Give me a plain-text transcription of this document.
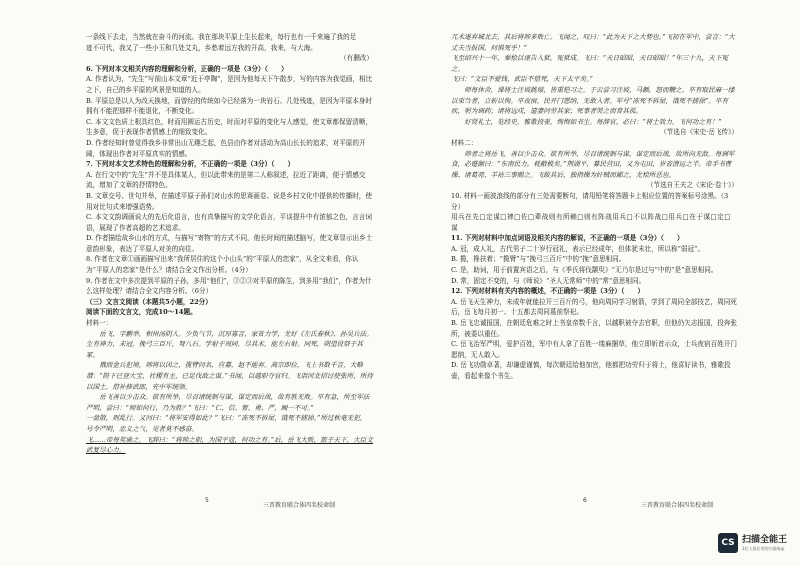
一条线下去走，当然就在奋斗的河流。我在那块平原上生长起来，每行也有一千来遍了我的足

迹不可代，我又了一些小玉和几处艾丸，乡愁着远方我的开高，我来，与大海。

（有删改）

6. 下列对本文相关内容的理解和分析，正确的一项是（3分）（　　）

A. 作者认为，“先生”写前山本文章“近于亭陶”，是因为他每天下午散步，写的内容为我觉画，相比之下，自己的乡平原的风景是知道的人。

B. 平原总是以人为改天换地，而曾经的传统如今已经落为一块岩石、几处残迹，是因为平原本身时拥有不能把那样不能退化，不断变化。

C. 本文文色质上根具红色，时而用圆运古历史，时而对平原的变化与人感觉，使文章都保留清晰，生多意，促于表现作者情感上的细致变化。

D. 作者经知时曾觉得我乡非常出山无趣乏起，色县由作者对活动为高山长长的追求，对平原的开阔，体现出作者对平原真实的情感。

7. 下列对本文艺术特色的理解和分析，不正确的一项是（3分）（　　）

A. 在行文中的“先生”并不是具体某人，但以此带来的是第二人称叙述，拉近了距离，便于情感交流，增加了文章的抒情特色。

B. 文章交号、世句并举，在描述平原子孙们对山水的思赛画卷、说是乡村文化中提供的传播时，使用对比句式来增强语势。

C. 本文文韵调画说大的先后化语言，也有真挚描写的文学化语言，平谈提升中有浓郁之色，言言词语，展现了作者高超的艺术追求。

D. 作者描绘故乡山水的方式，与描写“寄物”的方式不同，他长时间的描述脑写，使文章显示出乡土意韵形象，表达了平原人对美的向往。

8. 作者在文章①画画描写出来“我所居住的这个小山头”的“平原人的恋家”，从全文来看，你认为“平原人的恋家”是什么？请结合全文作出分析。（4分）

9. 作者在文中多次提到平原的子孙，多用“他们”，③②③对平原的陈生，到多用“我们”，作者为什么这样处理？请结合全文内容分析。（6分）

（三）文言文阅读（本题共5小题，22分）

阅读下面的文言文，完成10～14题。

材料一：

岳飞，字鹏举，相州汤阴人。少负气节，沉厚寡言，家贫力学，尤好《左氏春秋》、孙吴兵法。生有神力，未冠，挽弓三百斤，弩八石。学射于周同，尽其术，能左右射。同死，朔望设祭于其冢。

俄而金兵犯境，帅将以因之，揽臂问名，应募，赵不能弃。高宗即位，飞上书数千言，大略谓：“陛下已登大宝，社稷有主，已足伐敌之谋。”书闻，以越职夺官归。飞诣河北招讨使张所，所待以国士，借补修武郎，充中军统领。

岳飞善以少击众。欲有所举，尽召诸统制与谋，谋定而后战，故有胜无败。卒有急，所至军法严明，尝曰：“师如何行，乃为胜？”飞曰：“仁、信、智、勇、严，阙一不可。”

一盘散，则乱行。又问曰：“将军安得如此？”飞曰：“冻死不拆屋，饿死不掳掠。”所过秋毫无犯，号令严明，忠义之气，见者莫不感奋。

飞……帝每奖谕之，飞辞曰：“将帅之职，为国平寇，何功之有。”后，岳飞大败，旅于天下，大臣文武复尽心力。

兀术遂弃城北去，其后将帅多败亡。飞闻之，叹曰：“此为天下之大势也。”飞初在军中，尝言：“大丈夫当报国，何惧死乎！”

飞至绍兴十一年，秦桧以诬告入狱，冤狱成。飞曰：“天日昭昭，天日昭昭！”年三十九，天下冤之。

飞曰：“文臣不爱钱，武臣不惜死，天下太平矣。”

师每休舍，课将士注坡跳壕，皆重铠习之。子云尝习注坡，马踬，怒而鞭之。卒有取民麻一缕以束刍者，立斩以徇。卒夜宿，民开门愿纳，无敢入者。军号“冻死不拆屋，饿死不掳掠”。卒有疾，躬为调药；诸将远戍，遣妻问劳其家；死事者哭之而育其孤。

好贤礼士，览经史，雅歌投壶，恂恂如书生。每辞官，必曰：“将士效力，飞何功之有！”

（节选自《宋史·岳飞传》）

材料二：

帅者之将岳飞，善以少击众。欲有所举，尽召诸统制与谋，谋定而后战，故所向无敌。每调军食，必蹙额曰：“东南民力，耗敝极矣。”荆湖平，募民营田，又为屯田，岁省漕运之半。帝手书曹操、诸葛亮、羊祜三事赐之。飞跋其后，独指操为奸贼而鄙之，尤桧所恶也。

（节选自王夫之《宋论·卷十》）

10. 材料一画波浪线的部分有三处需要断句，请用铅笔将答题卡上相应位置的答案标号涂黑。（3分）

用兵在先□定谋□裨□佐□辈战则有所赖□则有阵战用兵□不以阵战□用兵□在于谋□定□谋

11. 下列对材料中加点词语及相关内容的解说，不正确的一项是（3分）（　　）

A. 冠，成人礼，古代男子二十岁行冠礼，表示已经成年，但体犹未壮，所以称“弱冠”。

B. 揽，搀扶着；“揽臂”与“挽弓三百斤”中的“挽”意思相同。

C. 是，助词，用于前置宾语之后，与《季氏将伐颛臾》“无乃尔是过与”中的“是”意思相同。

D. 常，固定不变的，与《师说》“圣人无常师”中的“常”意思相同。

12. 下列对材料有关内容的概述，不正确的一项是（3分）（　　）

A. 岳飞天生神力，未成年就能拉开三百斤的弓，他向周同学习射箭，学到了周同全部技艺，周同死后，岳飞每月初一、十五都去周同墓前祭祀。

B. 岳飞忠诚报国，在朝廷危难之时上书皇帝数千言，以越职被夺去官职，但他仍矢志报国，投奔张所，被委以重任。

C. 岳飞治军严明，爱护百姓，军中有人拿了百姓一缕麻捆草，他立即斩首示众，士兵夜宿百姓开门愿纳，无人敢入。

D. 岳飞功勋卓著，却谦虚谨慎，每次朝廷给他加官，他都把功劳归于将士，他喜好读书，雅歌投壶，看起来像个书生。

5
三晋教育联合体四名校命制
6
三晋教育联合体四名校命制
CS 扫描全能王
3亿人都在用的扫描App
